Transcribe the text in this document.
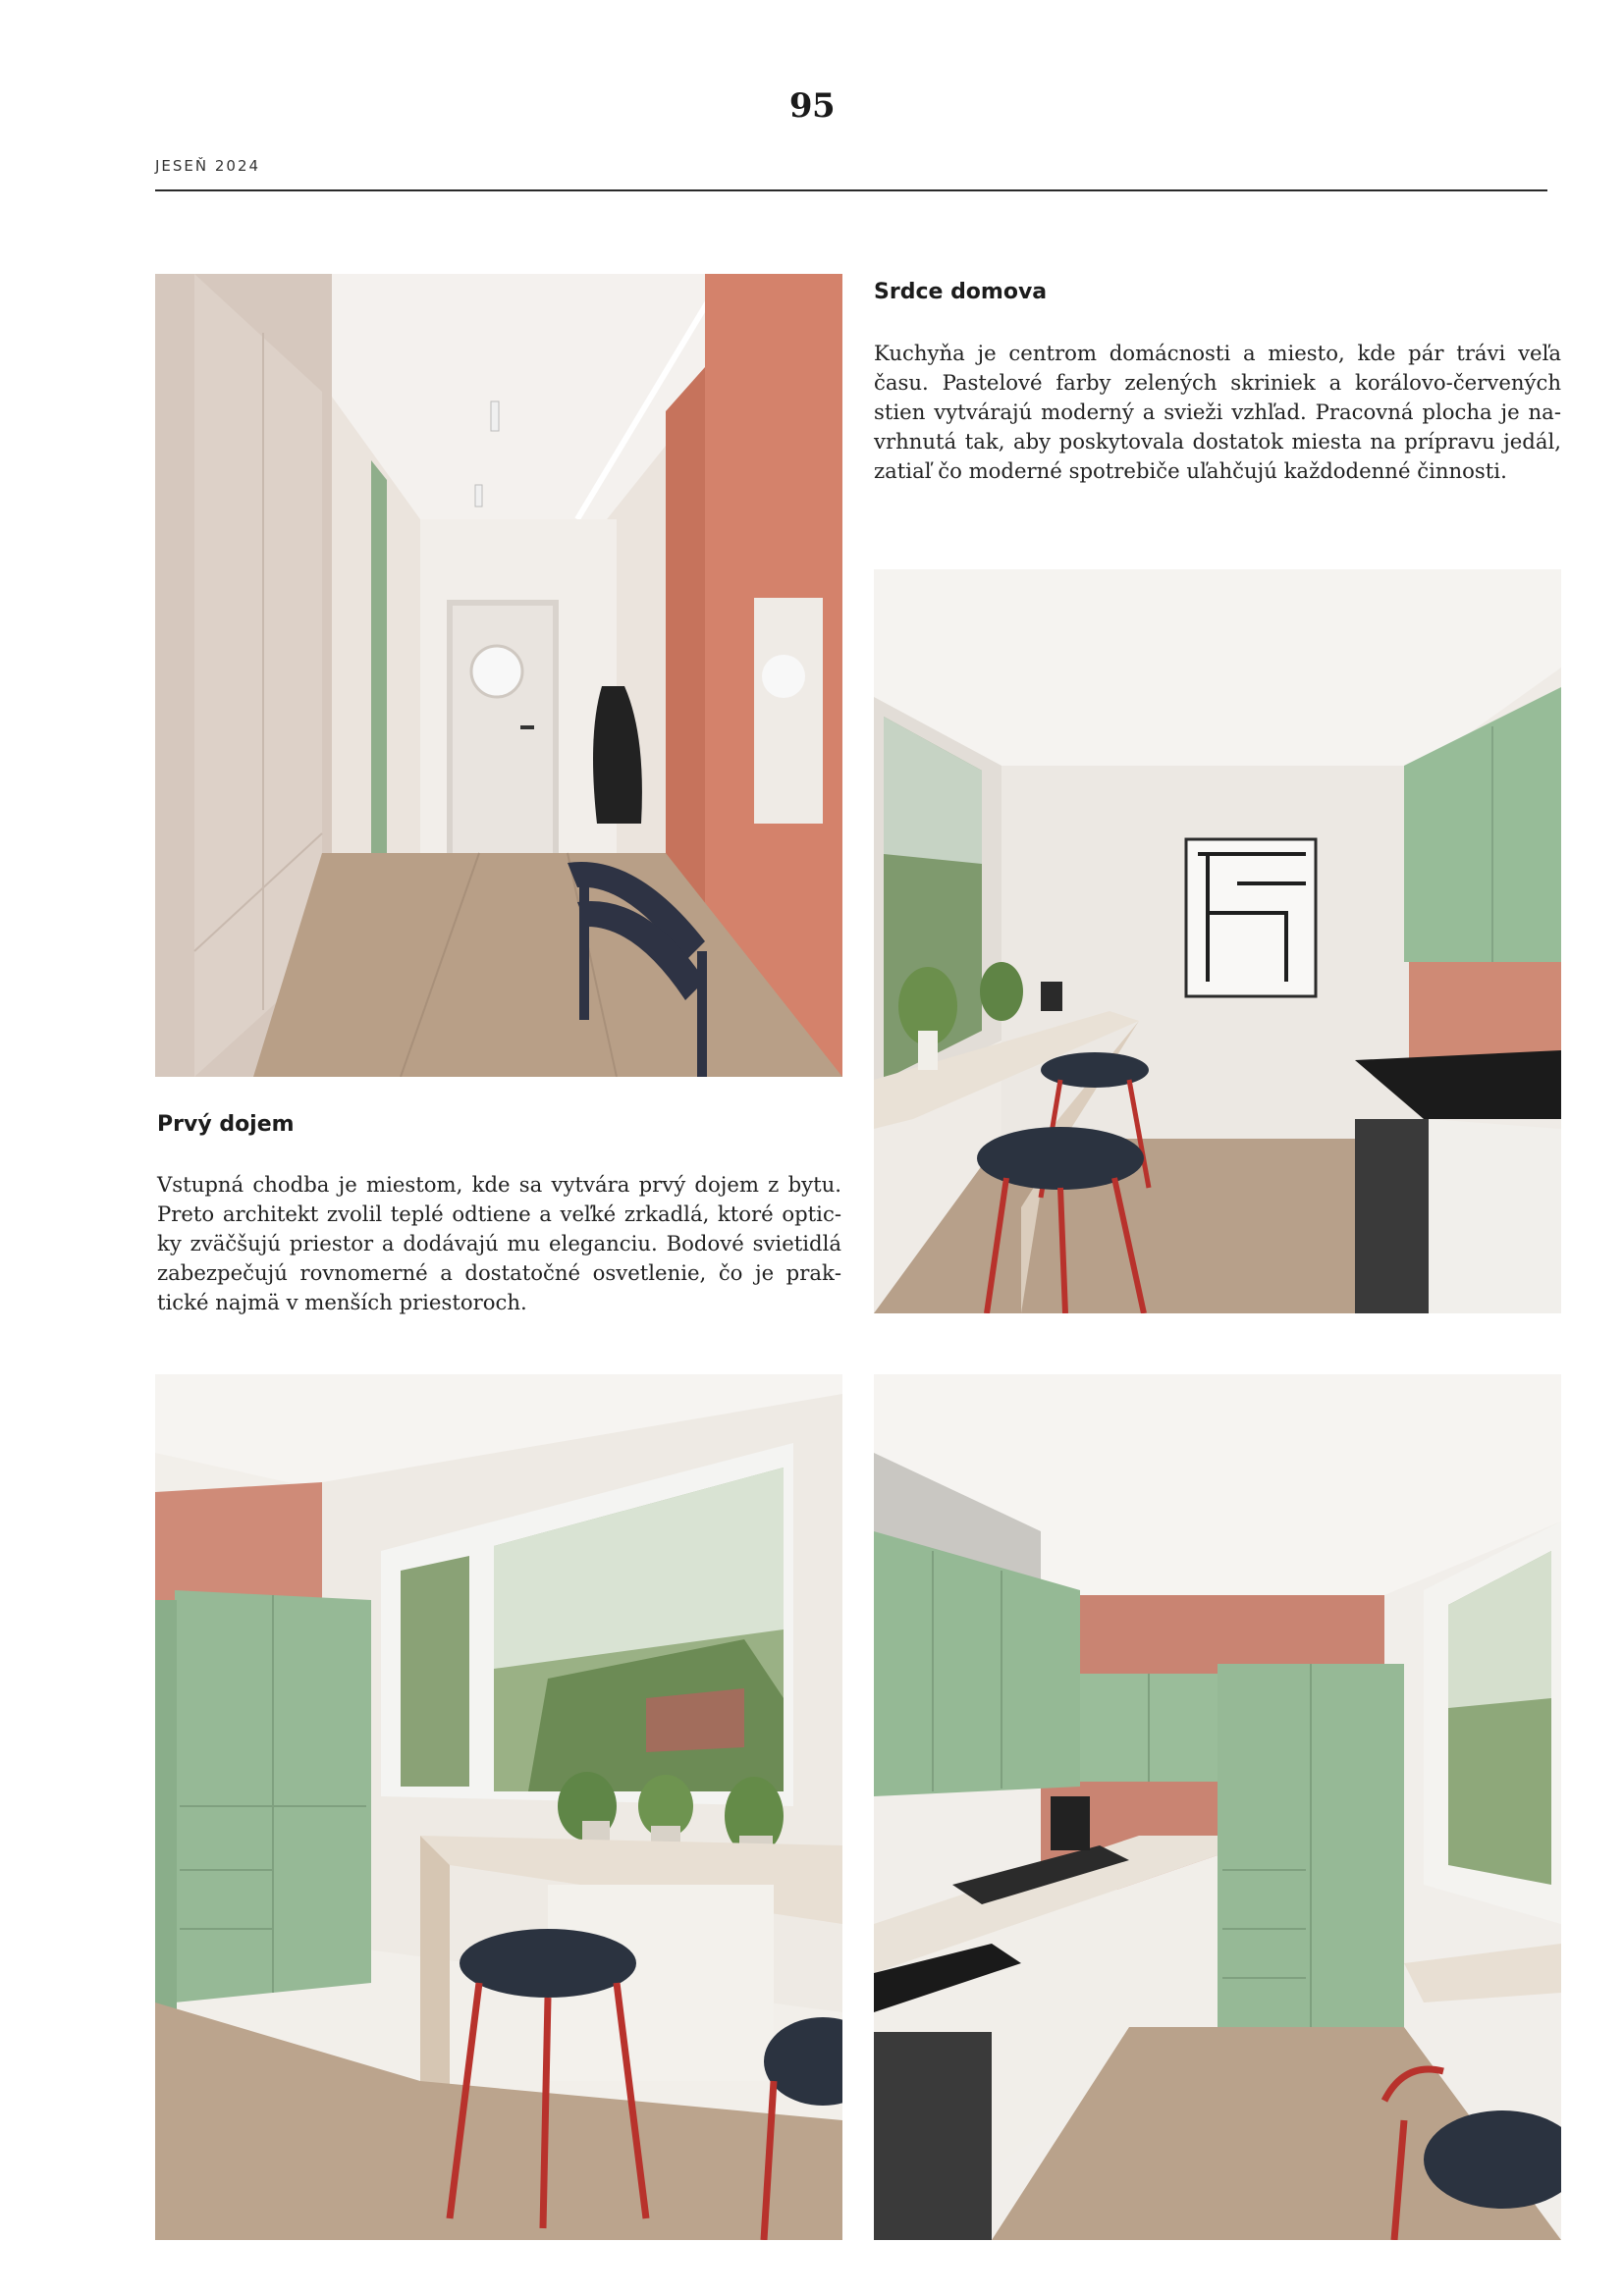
95
JESEŇ 2024
Srdce domova
Kuchyňa je centrom domácnosti a miesto, kde pár trávi veľa času. Pastelové farby zelených skriniek a korálovo-červených stien vytvárajú moderný a svieži vzhľad. Pracovná plocha je navrhnutá tak, aby poskytovala dostatok miesta na prípravu jedál, zatiaľ čo moderné spotrebiče uľahčujú každodenné činnosti.
Prvý dojem
Vstupná chodba je miestom, kde sa vytvára prvý dojem z bytu. Preto architekt zvolil teplé odtiene a veľké zrkadlá, ktoré opticky zväčšujú priestor a dodávajú mu eleganciu. Bodové svietidlá zabezpečujú rovnomerné a dostatočné osvetlenie, čo je praktické najmä v menších priestoroch.
